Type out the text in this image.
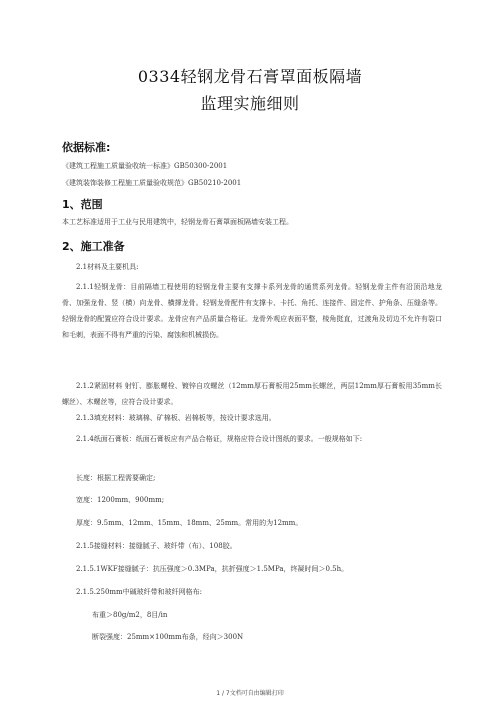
0334轻钢龙骨石膏罩面板隔墙
监理实施细则
依据标准:
《建筑工程施工质量验收统一标准》GB50300-2001
《建筑装饰装修工程施工质量验收规范》GB50210-2001
1、范围
本工艺标准适用于工业与民用建筑中，轻钢龙骨石膏罩面板隔墙安装工程。
2、施工准备
2.1材料及主要机具:
2.1.1轻钢龙骨：目前隔墙工程使用的轻钢龙骨主要有支撑卡系列龙骨的通贯系列龙骨。轻钢龙骨主件有沿顶沿地龙骨、加强龙骨、竖（横）向龙骨、横撑龙骨。轻钢龙骨配件有支撑卡、卡托、角托、连接件、固定件、护角条、压缝条等。轻钢龙骨的配置应符合设计要求。龙骨应有产品质量合格证。龙骨外观应表面平整，棱角挺直，过渡角及切边不允许有裂口和毛刺，表面不得有严重的污染、腐蚀和机械损伤。
2.1.2紧固材料 射钉、膨胀螺栓、镀锌自攻螺丝（12mm厚石膏板用25mm长螺丝，两层12mm厚石膏板用35mm长螺丝）、木螺丝等，应符合设计要求。
2.1.3填充材料：玻璃棉、矿棉板、岩棉板等，按设计要求选用。
2.1.4纸面石膏板：纸面石膏板应有产品合格证，规格应符合设计图纸的要求。一般规格如下:
长度：根据工程需要确定;
宽度：1200mm、900mm;
厚度：9.5mm、12mm、15mm、18mm、25mm。常用的为12mm。
2.1.5接缝材料：接缝腻子、玻纤带（布）、108胶。
2.1.5.1WKF接缝腻子：抗压强度＞0.3MPa，抗折强度＞1.5MPa，终凝时间＞0.5h。
2.1.5.250mm中碱玻纤带和玻纤网格布:
布重＞80g/m2，8目/in
断裂强度：25mm×100mm布条，经向＞300N
1 / 7文档可自由编辑打印
